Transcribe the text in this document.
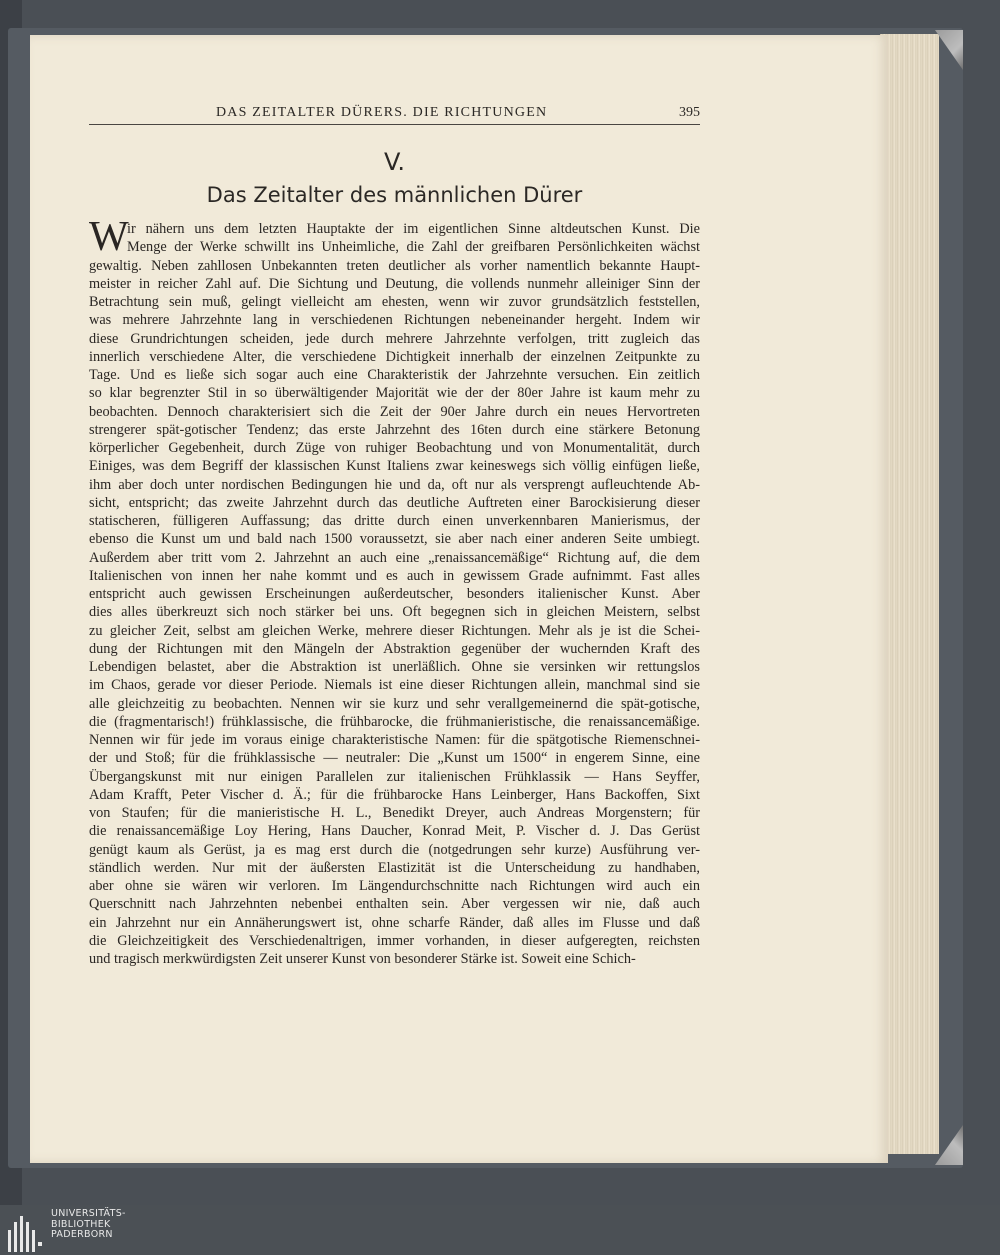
DAS ZEITALTER DÜRERS. DIE RICHTUNGEN	395
V.
Das Zeitalter des männlichen Dürer
W
ir nähern uns dem letzten Hauptakte der im eigentlichen Sinne altdeutschen Kunst. Die
Menge der Werke schwillt ins Unheimliche, die Zahl der greifbaren Persönlichkeiten wächst
gewaltig. Neben zahllosen Unbekannten treten deutlicher als vorher namentlich bekannte Haupt-
meister in reicher Zahl auf. Die Sichtung und Deutung, die vollends nunmehr alleiniger Sinn der
Betrachtung sein muß, gelingt vielleicht am ehesten, wenn wir zuvor grundsätzlich feststellen,
was mehrere Jahrzehnte lang in verschiedenen Richtungen nebeneinander hergeht. Indem wir
diese Grundrichtungen scheiden, jede durch mehrere Jahrzehnte verfolgen, tritt zugleich das
innerlich verschiedene Alter, die verschiedene Dichtigkeit innerhalb der einzelnen Zeitpunkte zu
Tage. Und es ließe sich sogar auch eine Charakteristik der Jahrzehnte versuchen. Ein zeitlich
so klar begrenzter Stil in so überwältigender Majorität wie der der 80er Jahre ist kaum mehr zu
beobachten. Dennoch charakterisiert sich die Zeit der 90er Jahre durch ein neues Hervortreten
strengerer spät-gotischer Tendenz; das erste Jahrzehnt des 16ten durch eine stärkere Betonung
körperlicher Gegebenheit, durch Züge von ruhiger Beobachtung und von Monumentalität, durch
Einiges, was dem Begriff der klassischen Kunst Italiens zwar keineswegs sich völlig einfügen ließe,
ihm aber doch unter nordischen Bedingungen hie und da, oft nur als versprengt aufleuchtende Ab-
sicht, entspricht; das zweite Jahrzehnt durch das deutliche Auftreten einer Barockisierung dieser
statischeren, fülligeren Auffassung; das dritte durch einen unverkennbaren Manierismus, der
ebenso die Kunst um und bald nach 1500 voraussetzt, sie aber nach einer anderen Seite umbiegt.
Außerdem aber tritt vom 2. Jahrzehnt an auch eine „renaissancemäßige“ Richtung auf, die dem
Italienischen von innen her nahe kommt und es auch in gewissem Grade aufnimmt. Fast alles
entspricht auch gewissen Erscheinungen außerdeutscher, besonders italienischer Kunst. Aber
dies alles überkreuzt sich noch stärker bei uns. Oft begegnen sich in gleichen Meistern, selbst
zu gleicher Zeit, selbst am gleichen Werke, mehrere dieser Richtungen. Mehr als je ist die Schei-
dung der Richtungen mit den Mängeln der Abstraktion gegenüber der wuchernden Kraft des
Lebendigen belastet, aber die Abstraktion ist unerläßlich. Ohne sie versinken wir rettungslos
im Chaos, gerade vor dieser Periode. Niemals ist eine dieser Richtungen allein, manchmal sind sie
alle gleichzeitig zu beobachten. Nennen wir sie kurz und sehr verallgemeinernd die spät-gotische,
die (fragmentarisch!) frühklassische, die frühbarocke, die frühmanieristische, die renaissancemäßige.
Nennen wir für jede im voraus einige charakteristische Namen: für die spätgotische Riemenschnei-
der und Stoß; für die frühklassische — neutraler: Die „Kunst um 1500“ in engerem Sinne, eine
Übergangskunst mit nur einigen Parallelen zur italienischen Frühklassik — Hans Seyffer,
Adam Krafft, Peter Vischer d. Ä.; für die frühbarocke Hans Leinberger, Hans Backoffen, Sixt
von Staufen; für die manieristische H. L., Benedikt Dreyer, auch Andreas Morgenstern; für
die renaissancemäßige Loy Hering, Hans Daucher, Konrad Meit, P. Vischer d. J. Das Gerüst
genügt kaum als Gerüst, ja es mag erst durch die (notgedrungen sehr kurze) Ausführung ver-
ständlich werden. Nur mit der äußersten Elastizität ist die Unterscheidung zu handhaben,
aber ohne sie wären wir verloren. Im Längendurchschnitte nach Richtungen wird auch ein
Querschnitt nach Jahrzehnten nebenbei enthalten sein. Aber vergessen wir nie, daß auch
ein Jahrzehnt nur ein Annäherungswert ist, ohne scharfe Ränder, daß alles im Flusse und daß
die Gleichzeitigkeit des Verschiedenaltrigen, immer vorhanden, in dieser aufgeregten, reichsten
und tragisch merkwürdigsten Zeit unserer Kunst von besonderer Stärke ist. Soweit eine Schich-
UNIVERSITÄTS-
BIBLIOTHEK
PADERBORN
